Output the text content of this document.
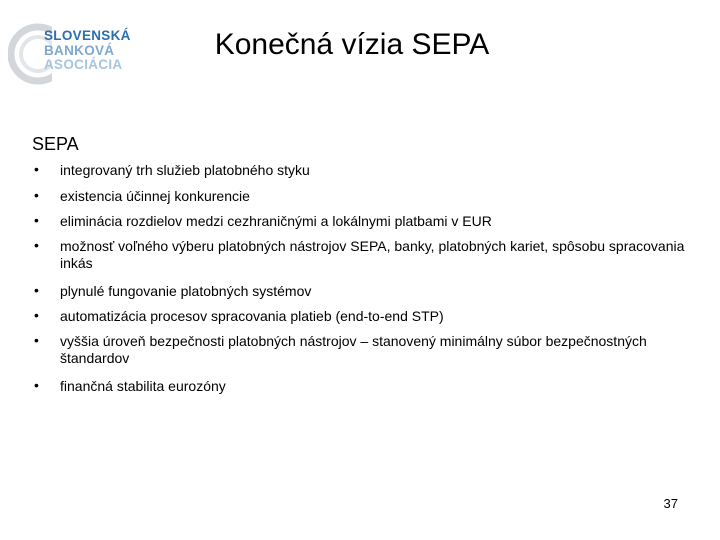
SLOVENSKÁ
BANKOVÁ
ASOCIÁCIA
Konečná vízia SEPA
SEPA
• integrovaný trh služieb platobného styku
• existencia účinnej konkurencie
• eliminácia rozdielov medzi cezhraničnými a lokálnymi platbami v EUR
• možnosť voľného výberu platobných nástrojov SEPA, banky, platobných kariet, spôsobu spracovania inkás
• plynulé fungovanie platobných systémov
• automatizácia procesov spracovania platieb (end-to-end STP)
• vyššia úroveň bezpečnosti platobných nástrojov – stanovený minimálny súbor bezpečnostných štandardov
• finančná stabilita eurozóny
37
